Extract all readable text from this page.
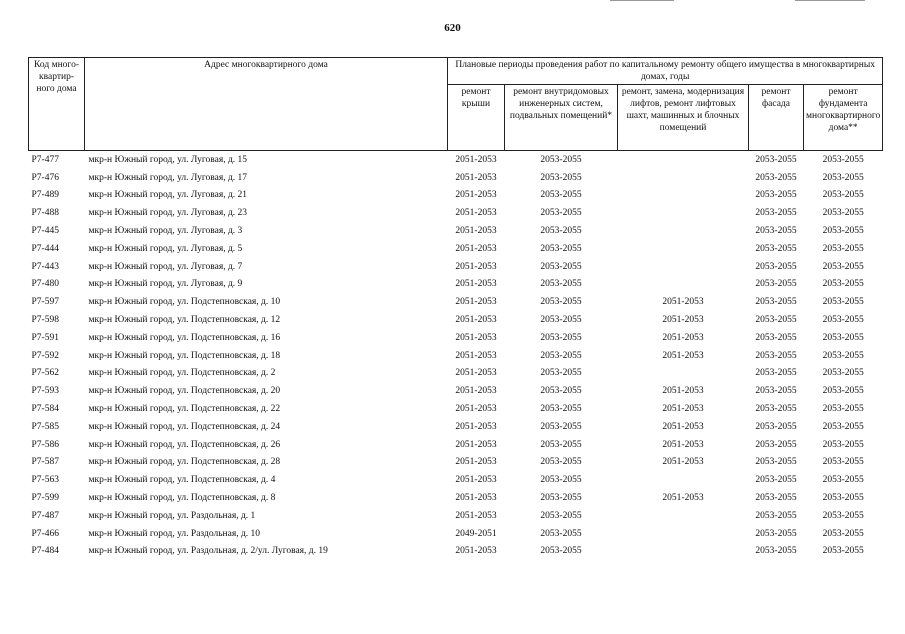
620
Код много-квартир-ного дома	Адрес многоквартирного дома	Плановые периоды проведения работ по капитальному ремонту общего имущества в многоквартирных домах, годы				
		ремонт крыши	ремонт внутридомовых инженерных систем, подвальных помещений*	ремонт, замена, модернизация лифтов, ремонт лифтовых шахт, машинных и блочных помещений	ремонт фасада	ремонт фундамента многоквартирного дома**
Р7-477	мкр-н Южный город, ул. Луговая, д. 15	2051-2053	2053-2055		2053-2055	2053-2055
Р7-476	мкр-н Южный город, ул. Луговая, д. 17	2051-2053	2053-2055		2053-2055	2053-2055
Р7-489	мкр-н Южный город, ул. Луговая, д. 21	2051-2053	2053-2055		2053-2055	2053-2055
Р7-488	мкр-н Южный город, ул. Луговая, д. 23	2051-2053	2053-2055		2053-2055	2053-2055
Р7-445	мкр-н Южный город, ул. Луговая, д. 3	2051-2053	2053-2055		2053-2055	2053-2055
Р7-444	мкр-н Южный город, ул. Луговая, д. 5	2051-2053	2053-2055		2053-2055	2053-2055
Р7-443	мкр-н Южный город, ул. Луговая, д. 7	2051-2053	2053-2055		2053-2055	2053-2055
Р7-480	мкр-н Южный город, ул. Луговая, д. 9	2051-2053	2053-2055		2053-2055	2053-2055
Р7-597	мкр-н Южный город, ул. Подстепновская, д. 10	2051-2053	2053-2055	2051-2053	2053-2055	2053-2055
Р7-598	мкр-н Южный город, ул. Подстепновская, д. 12	2051-2053	2053-2055	2051-2053	2053-2055	2053-2055
Р7-591	мкр-н Южный город, ул. Подстепновская, д. 16	2051-2053	2053-2055	2051-2053	2053-2055	2053-2055
Р7-592	мкр-н Южный город, ул. Подстепновская, д. 18	2051-2053	2053-2055	2051-2053	2053-2055	2053-2055
Р7-562	мкр-н Южный город, ул. Подстепновская, д. 2	2051-2053	2053-2055		2053-2055	2053-2055
Р7-593	мкр-н Южный город, ул. Подстепновская, д. 20	2051-2053	2053-2055	2051-2053	2053-2055	2053-2055
Р7-584	мкр-н Южный город, ул. Подстепновская, д. 22	2051-2053	2053-2055	2051-2053	2053-2055	2053-2055
Р7-585	мкр-н Южный город, ул. Подстепновская, д. 24	2051-2053	2053-2055	2051-2053	2053-2055	2053-2055
Р7-586	мкр-н Южный город, ул. Подстепновская, д. 26	2051-2053	2053-2055	2051-2053	2053-2055	2053-2055
Р7-587	мкр-н Южный город, ул. Подстепновская, д. 28	2051-2053	2053-2055	2051-2053	2053-2055	2053-2055
Р7-563	мкр-н Южный город, ул. Подстепновская, д. 4	2051-2053	2053-2055		2053-2055	2053-2055
Р7-599	мкр-н Южный город, ул. Подстепновская, д. 8	2051-2053	2053-2055	2051-2053	2053-2055	2053-2055
Р7-487	мкр-н Южный город, ул. Раздольная, д. 1	2051-2053	2053-2055		2053-2055	2053-2055
Р7-466	мкр-н Южный город, ул. Раздольная, д. 10	2049-2051	2053-2055		2053-2055	2053-2055
Р7-484	мкр-н Южный город, ул. Раздольная, д. 2/ул. Луговая, д. 19	2051-2053	2053-2055		2053-2055	2053-2055
